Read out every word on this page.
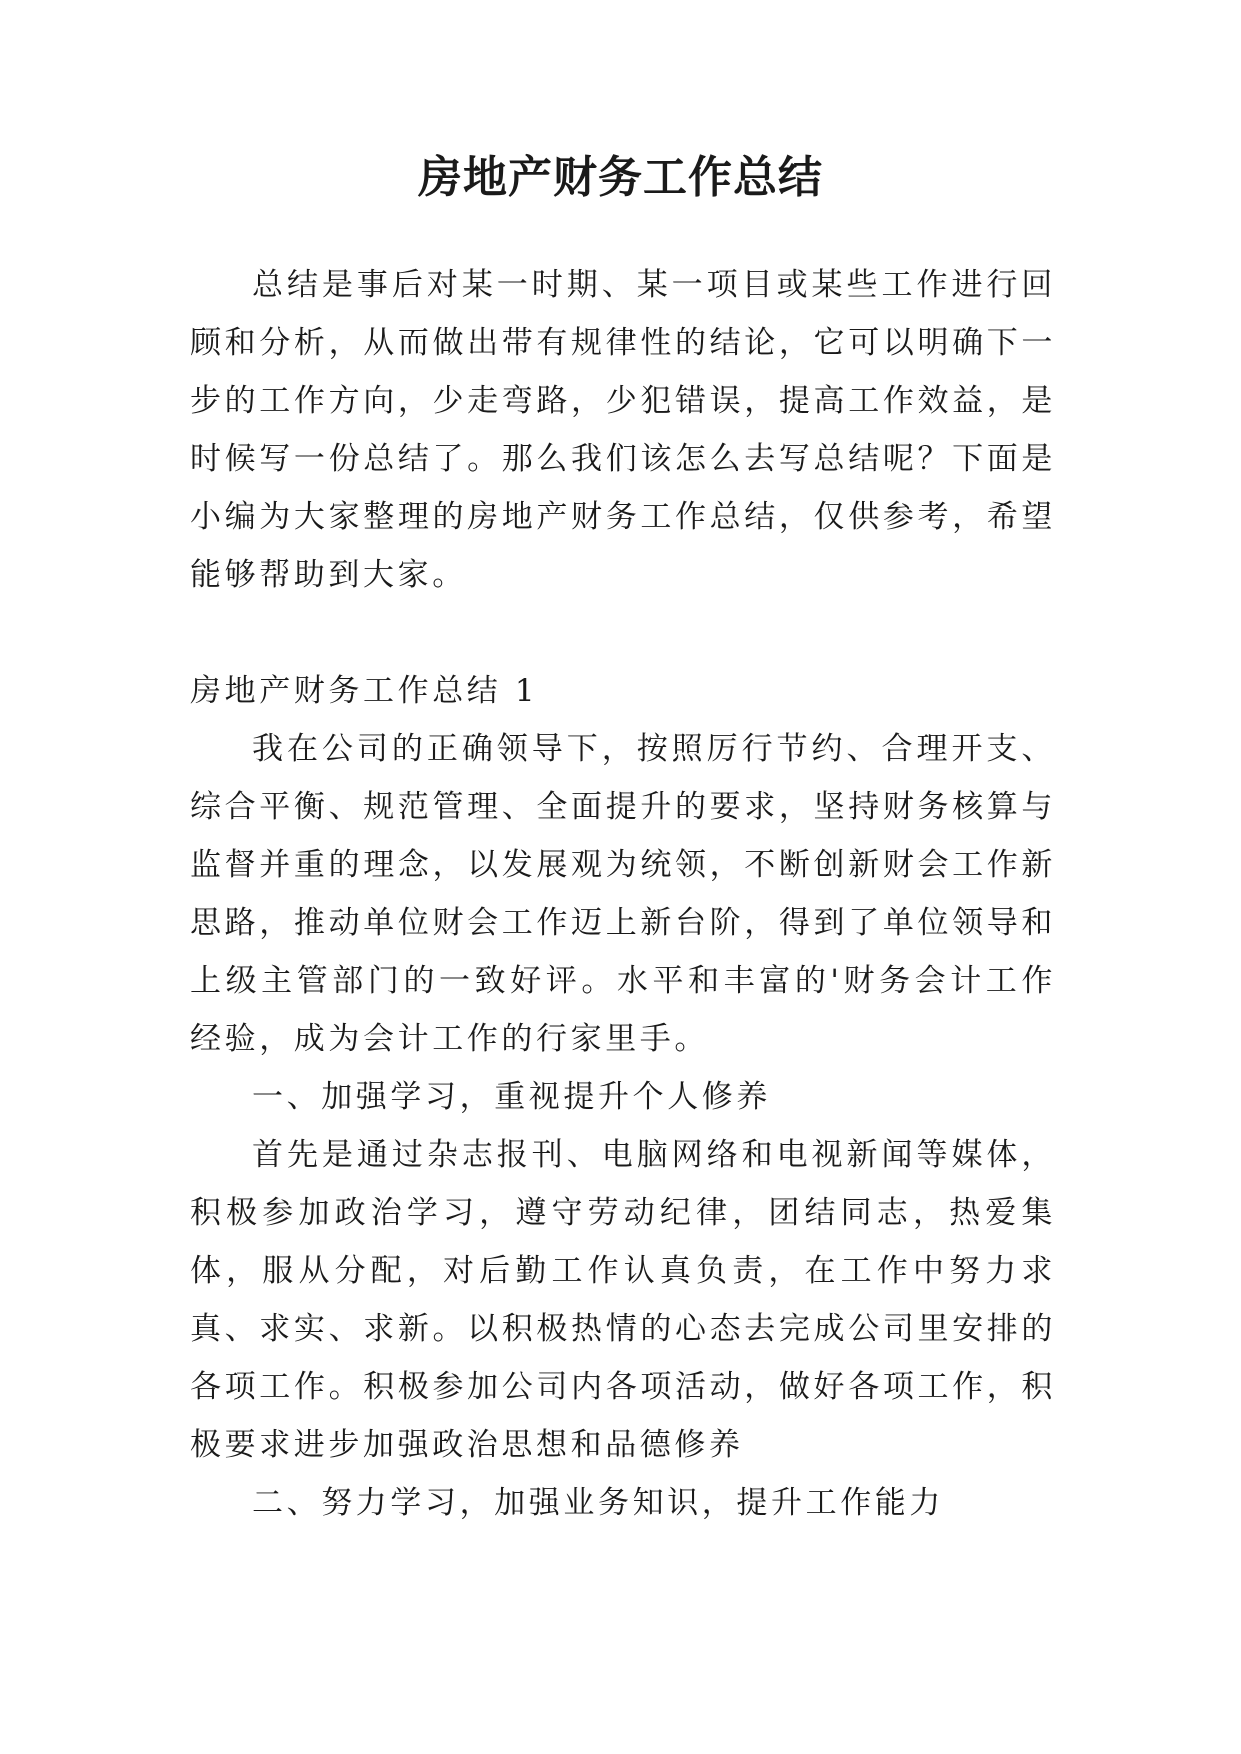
房地产财务工作总结

总结是事后对某一时期、某一项目或某些工作进行回顾和分析，从而做出带有规律性的结论，它可以明确下一步的工作方向，少走弯路，少犯错误，提高工作效益，是时候写一份总结了。那么我们该怎么去写总结呢？下面是小编为大家整理的房地产财务工作总结，仅供参考，希望能够帮助到大家。

房地产财务工作总结 1

我在公司的正确领导下，按照厉行节约、合理开支、综合平衡、规范管理、全面提升的要求，坚持财务核算与监督并重的理念，以发展观为统领，不断创新财会工作新思路，推动单位财会工作迈上新台阶，得到了单位领导和上级主管部门的一致好评。水平和丰富的'财务会计工作经验，成为会计工作的行家里手。

一、加强学习，重视提升个人修养

首先是通过杂志报刊、电脑网络和电视新闻等媒体，积极参加政治学习，遵守劳动纪律，团结同志，热爱集体，服从分配，对后勤工作认真负责，在工作中努力求真、求实、求新。以积极热情的心态去完成公司里安排的各项工作。积极参加公司内各项活动，做好各项工作，积极要求进步加强政治思想和品德修养

二、努力学习，加强业务知识，提升工作能力
